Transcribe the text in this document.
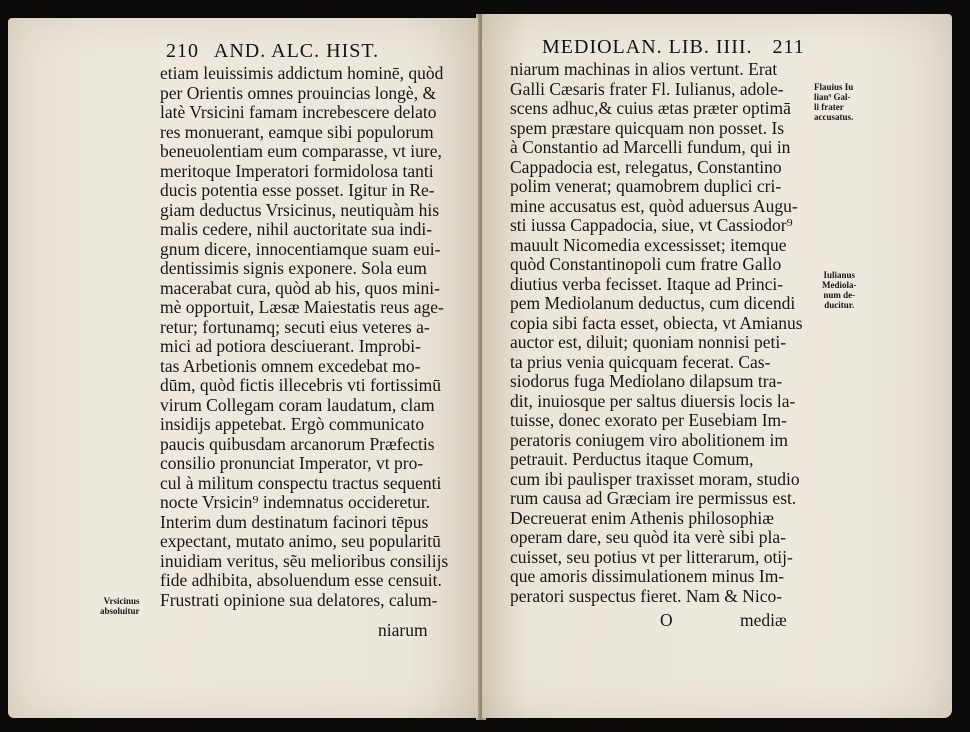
210 AND. ALC. HIST.
etiam leuissimis addictum hominē, quòd
per Orientis omnes prouincias longè, &
latè Vrsicini famam increbescere delato
res monuerant, eamque sibi populorum
beneuolentiam eum comparasse, vt iure,
meritoque Imperatori formidolosa tanti
ducis potentia esse posset. Igitur in Re-
giam deductus Vrsicinus, neutiquàm his
malis cedere, nihil auctoritate sua indi-
gnum dicere, innocentiamque suam eui-
dentissimis signis exponere. Sola eum
macerabat cura, quòd ab his, quos mini-
mè opportuit, Læsæ Maiestatis reus age-
retur; fortunamq; secuti eius veteres a-
mici ad potiora desciuerant. Improbi-
tas Arbetionis omnem excedebat mo-
dūm, quòd fictis illecebris vti fortissimū
virum Collegam coram laudatum, clam
insidijs appetebat. Ergò communicato
paucis quibusdam arcanorum Præfectis
consilio pronunciat Imperator, vt pro-
cul à militum conspectu tractus sequenti
nocte Vrsicin⁹ indemnatus occideretur.
Interim dum destinatum facinori tēpus
expectant, mutato animo, seu popularitū
inuidiam veritus, sẽu melioribus consilijs
fide adhibita, absoluendum esse censuit.
Frustrati opinione sua delatores, calum-
Vrsicinus
absoluitur
niarum
MEDIOLAN. LIB. IIII. 211
niarum machinas in alios vertunt. Erat
Galli Cæsaris frater Fl. Iulianus, adole-
scens adhuc,& cuius ætas præter optimā
spem præstare quicquam non posset. Is
à Constantio ad Marcelli fundum, qui in
Cappadocia est, relegatus, Constantino
polim venerat; quamobrem duplici cri-
mine accusatus est, quòd aduersus Augu-
sti iussa Cappadocia, siue, vt Cassiodor⁹
mauult Nicomedia excessisset; itemque
quòd Constantinopoli cum fratre Gallo
diutius verba fecisset. Itaque ad Princi-
pem Mediolanum deductus, cum dicendi
copia sibi facta esset, obiecta, vt Amianus
auctor est, diluit; quoniam nonnisi peti-
ta prius venia quicquam fecerat. Cas-
siodorus fuga Mediolano dilapsum tra-
dit, inuiosque per saltus diuersis locis la-
tuisse, donec exorato per Eusebiam Im-
peratoris coniugem viro abolitionem im
petrauit. Perductus itaque Comum,
cum ibi paulisper traxisset moram, studio
rum causa ad Græciam ire permissus est.
Decreuerat enim Athenis philosophiæ
operam dare, seu quòd ita verè sibi pla-
cuisset, seu potius vt per litterarum, otij-
que amoris dissimulationem minus Im-
peratori suspectus fieret. Nam & Nico-
Flauius Iu
lian⁹ Gal-
li frater
accusatus.
Iulianus
Mediola-
num de-
ducitur.
O	mediæ
